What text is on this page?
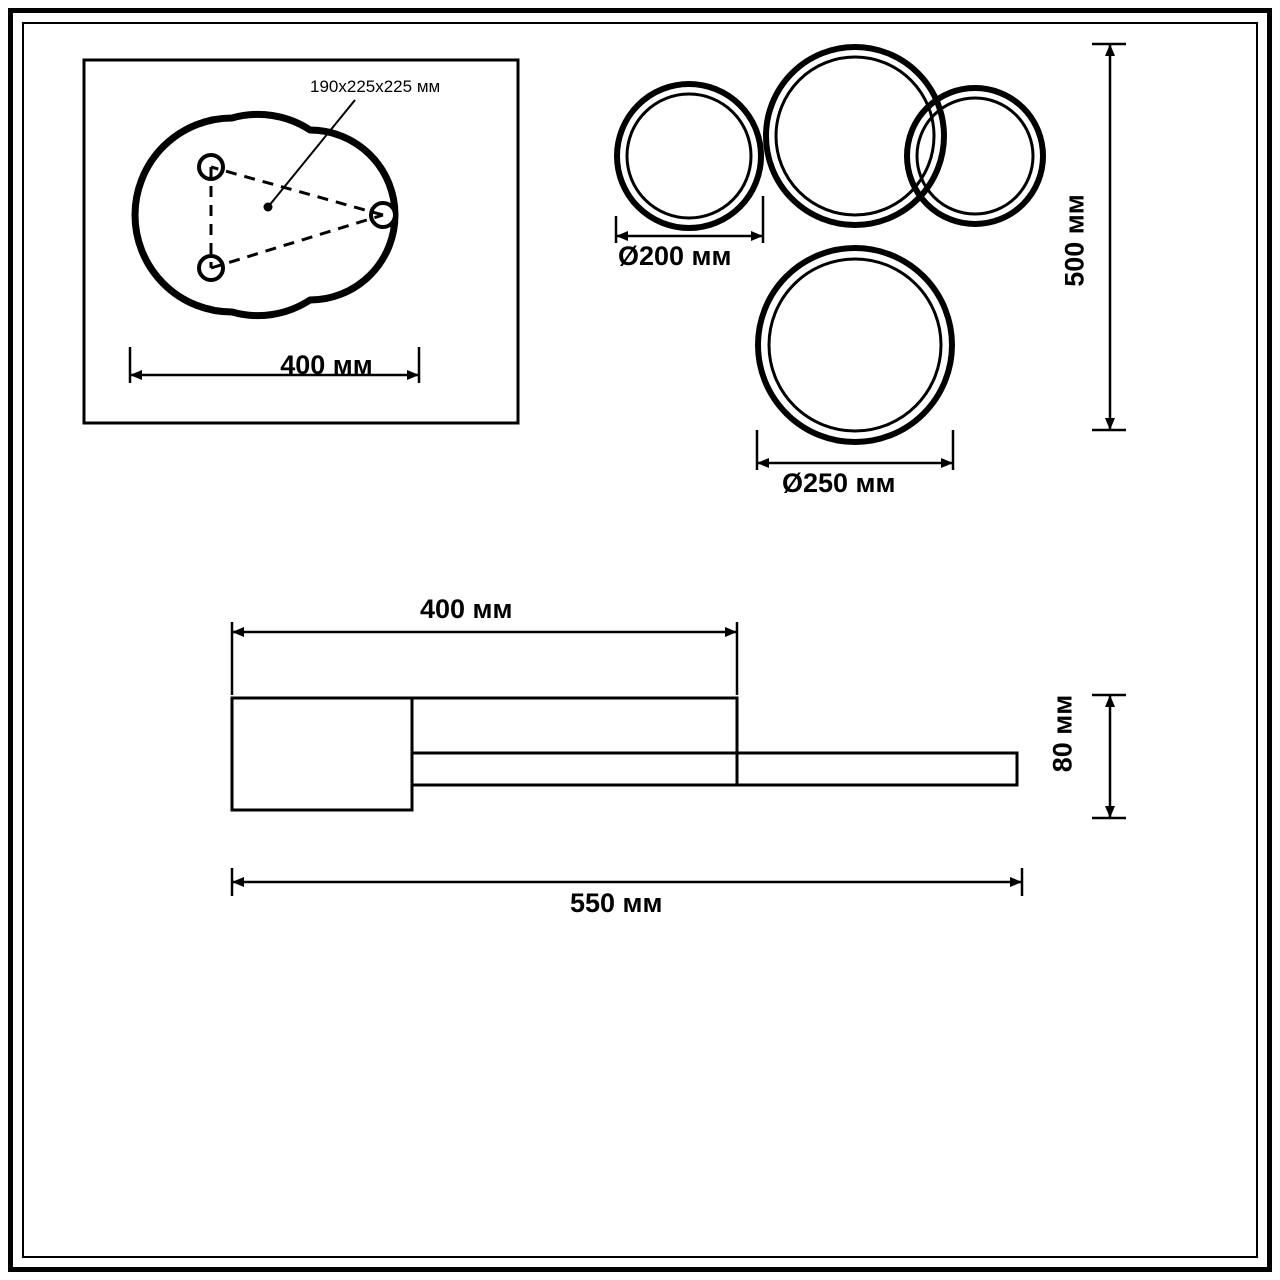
190x225x225 мм
400 мм
Ø200 мм
Ø250 мм
500 мм
400 мм
80 мм
550 мм
